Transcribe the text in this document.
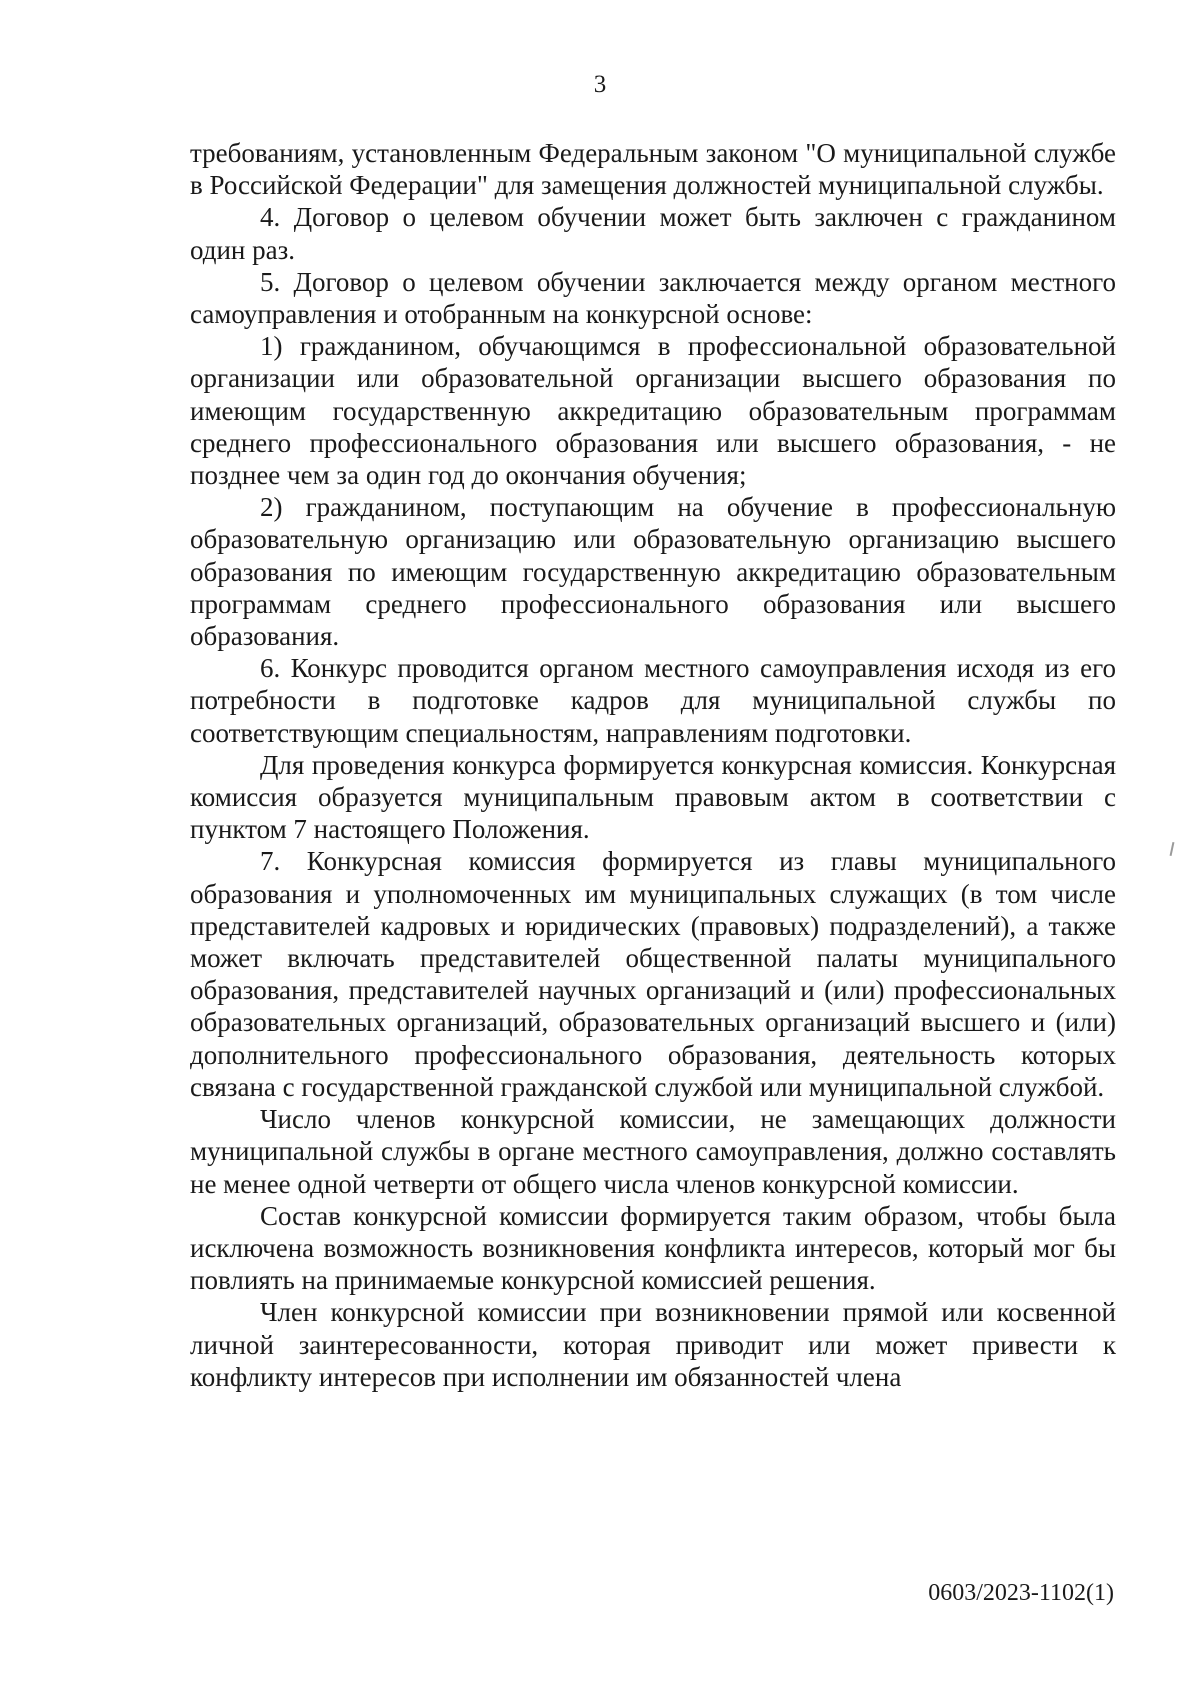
3

требованиям, установленным Федеральным законом "О муниципальной службе в Российской Федерации" для замещения должностей муниципальной службы.

4. Договор о целевом обучении может быть заключен с гражданином один раз.

5. Договор о целевом обучении заключается между органом местного самоуправления и отобранным на конкурсной основе:

1) гражданином, обучающимся в профессиональной образовательной организации или образовательной организации высшего образования по имеющим государственную аккредитацию образовательным программам среднего профессионального образования или высшего образования, - не позднее чем за один год до окончания обучения;

2) гражданином, поступающим на обучение в профессиональную образовательную организацию или образовательную организацию высшего образования по имеющим государственную аккредитацию образовательным программам среднего профессионального образования или высшего образования.

6. Конкурс проводится органом местного самоуправления исходя из его потребности в подготовке кадров для муниципальной службы по соответствующим специальностям, направлениям подготовки.

Для проведения конкурса формируется конкурсная комиссия. Конкурсная комиссия образуется муниципальным правовым актом в соответствии с пунктом 7 настоящего Положения.

7. Конкурсная комиссия формируется из главы муниципального образования и уполномоченных им муниципальных служащих (в том числе представителей кадровых и юридических (правовых) подразделений), а также может включать представителей общественной палаты муниципального образования, представителей научных организаций и (или) профессиональных образовательных организаций, образовательных организаций высшего и (или) дополнительного профессионального образования, деятельность которых связана с государственной гражданской службой или муниципальной службой.

Число членов конкурсной комиссии, не замещающих должности муниципальной службы в органе местного самоуправления, должно составлять не менее одной четверти от общего числа членов конкурсной комиссии.

Состав конкурсной комиссии формируется таким образом, чтобы была исключена возможность возникновения конфликта интересов, который мог бы повлиять на принимаемые конкурсной комиссией решения.

Член конкурсной комиссии при возникновении прямой или косвенной личной заинтересованности, которая приводит или может привести к конфликту интересов при исполнении им обязанностей члена

0603/2023-1102(1)
